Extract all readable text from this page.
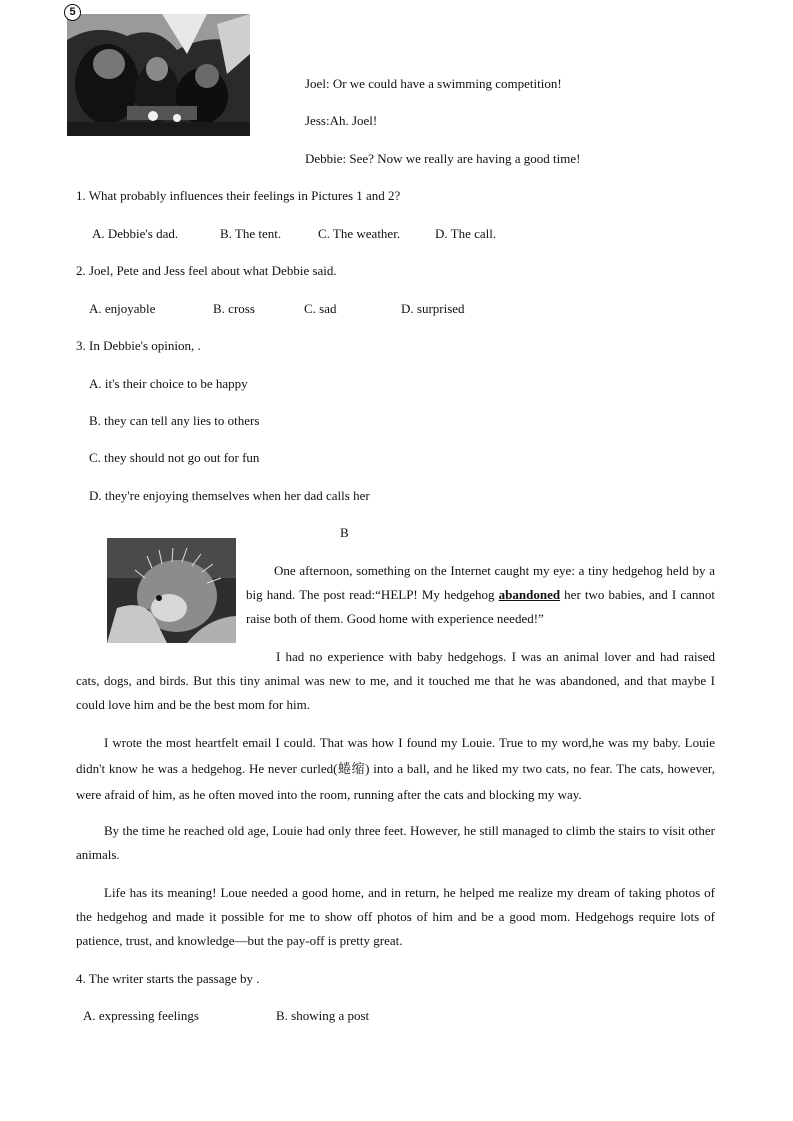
5
Joel: Or we could have a swimming competition!
Jess:Ah. Joel!
Debbie: See? Now we really are having a good time!
1. What probably influences their feelings in Pictures 1 and 2?
A. Debbie's dad.	B. The tent.	C. The weather.	D. The call.
2. Joel, Pete and Jess feel about what Debbie said.
A. enjoyable	B. cross	C. sad	D. surprised
3. In Debbie's opinion, .
A. it's their choice to be happy
B. they can tell any lies to others
C. they should not go out for fun
D. they're enjoying themselves when her dad calls her
B
One afternoon, something on the Internet caught my eye: a tiny hedgehog held by a big hand. The post read:“HELP! My hedgehog abandoned her two babies, and I cannot raise both of them. Good home with experience needed!”
I had no experience with baby hedgehogs. I was an animal lover and had raised cats, dogs, and birds. But this tiny animal was new to me, and it touched me that he was abandoned, and that maybe I could love him and be the best mom for him.
I wrote the most heartfelt email I could. That was how I found my Louie. True to my word,he was my baby. Louie didn't know he was a hedgehog. He never curled(蜷缩) into a ball, and he liked my two cats, no fear. The cats, however, were afraid of him, as he often moved into the room, running after the cats and blocking my way.
By the time he reached old age, Louie had only three feet. However, he still managed to climb the stairs to visit other animals.
Life has its meaning! Loue needed a good home, and in return, he helped me realize my dream of taking photos of the hedgehog and made it possible for me to show off photos of him and be a good mom. Hedgehogs require lots of patience, trust, and knowledge—but the pay-off is pretty great.
4. The writer starts the passage by .
A. expressing feelings	B. showing a post
